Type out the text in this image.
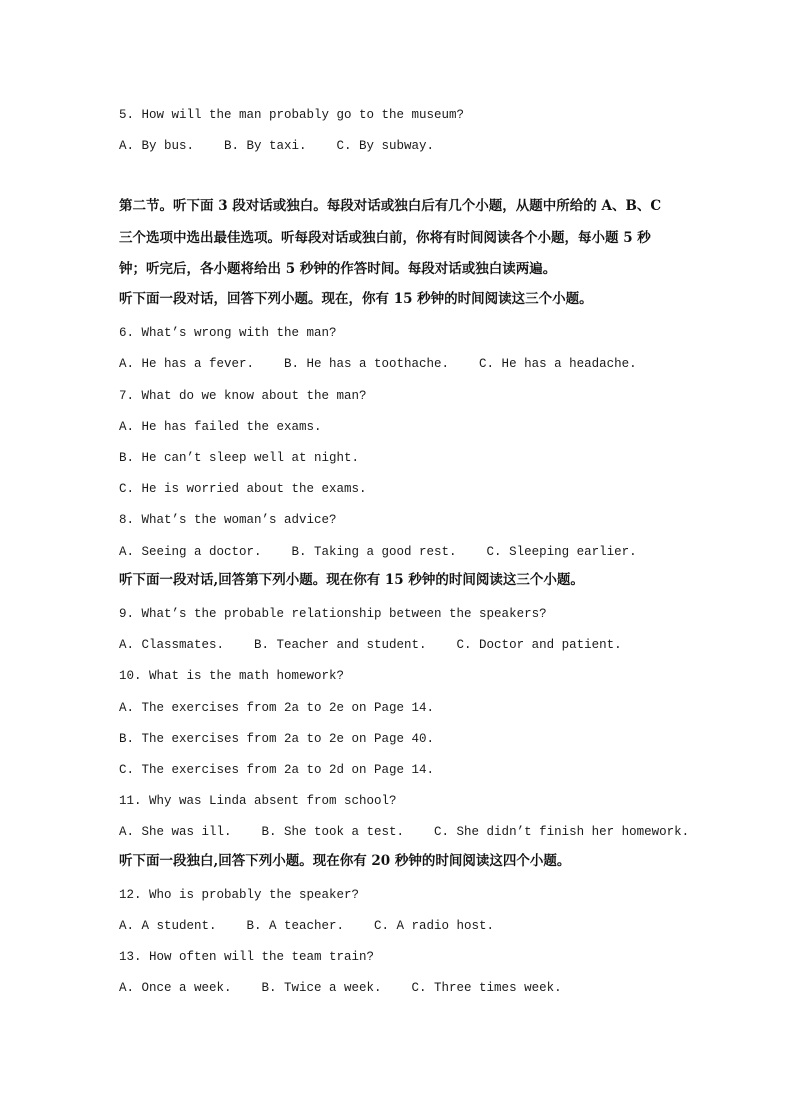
5. How will the man probably go to the museum?
A. By bus.    B. By taxi.    C. By subway.
第二节。听下面 3 段对话或独白。每段对话或独白后有几个小题，从题中所给的 A、B、C
三个选项中选出最佳选项。听每段对话或独白前，你将有时间阅读各个小题，每小题 5 秒
钟；听完后，各小题将给出 5 秒钟的作答时间。每段对话或独白读两遍。
听下面一段对话，回答下列小题。现在，你有 15 秒钟的时间阅读这三个小题。
6. What’s wrong with the man?
A. He has a fever.    B. He has a toothache.    C. He has a headache.
7. What do we know about the man?
A. He has failed the exams.
B. He can’t sleep well at night.
C. He is worried about the exams.
8. What’s the woman’s advice?
A. Seeing a doctor.    B. Taking a good rest.    C. Sleeping earlier.
听下面一段对话,回答第下列小题。现在你有 15 秒钟的时间阅读这三个小题。
9. What’s the probable relationship between the speakers?
A. Classmates.    B. Teacher and student.    C. Doctor and patient.
10. What is the math homework?
A. The exercises from 2a to 2e on Page 14.
B. The exercises from 2a to 2e on Page 40.
C. The exercises from 2a to 2d on Page 14.
11. Why was Linda absent from school?
A. She was ill.    B. She took a test.    C. She didn’t finish her homework.
听下面一段独白,回答下列小题。现在你有 20 秒钟的时间阅读这四个小题。
12. Who is probably the speaker?
A. A student.    B. A teacher.    C. A radio host.
13. How often will the team train?
A. Once a week.    B. Twice a week.    C. Three times week.
